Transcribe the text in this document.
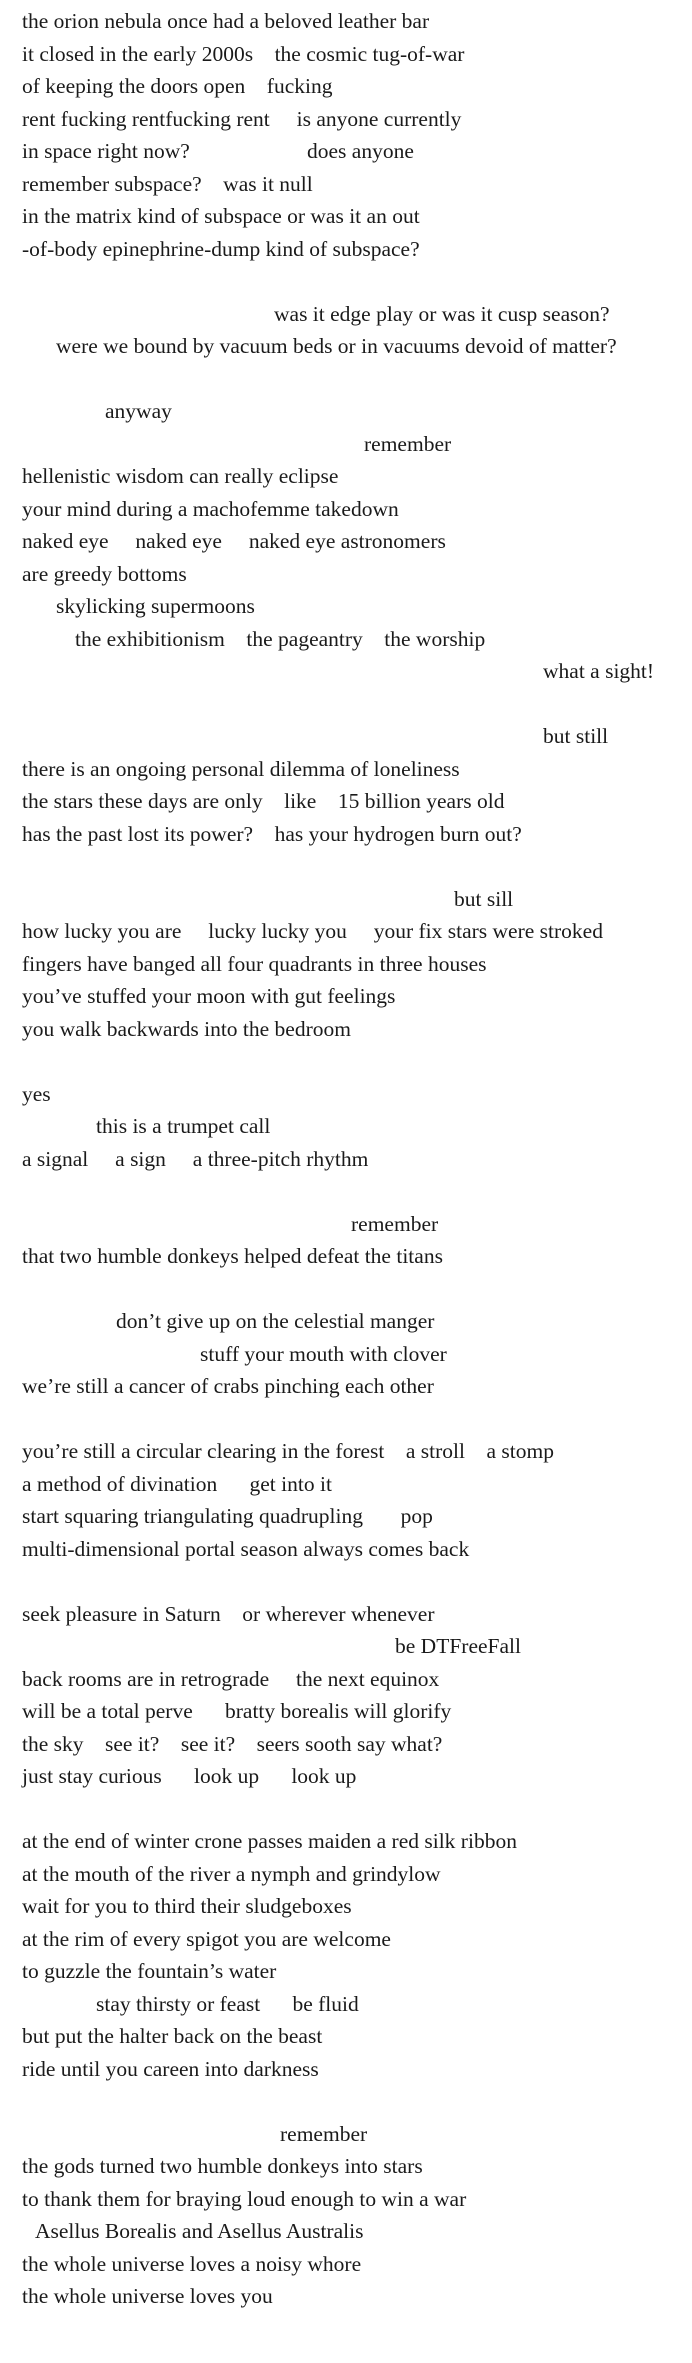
the orion nebula once had a beloved leather bar

it closed in the early 2000s    the cosmic tug-of-war

of keeping the doors open    fucking

rent fucking rentfucking rent     is anyone currently

in space right now?	does anyone

remember subspace?    was it null

in the matrix kind of subspace or was it an out

-of-body epinephrine-dump kind of subspace?

was it edge play or was it cusp season?

were we bound by vacuum beds or in vacuums devoid of matter?

anyway

remember

hellenistic wisdom can really eclipse

your mind during a machofemme takedown

naked eye     naked eye     naked eye astronomers

are greedy bottoms

skylicking supermoons

the exhibitionism    the pageantry    the worship

what a sight!

but still

there is an ongoing personal dilemma of loneliness

the stars these days are only    like    15 billion years old

has the past lost its power?    has your hydrogen burn out?

but sill

how lucky you are     lucky lucky you     your fix stars were stroked

fingers have banged all four quadrants in three houses

you’ve stuffed your moon with gut feelings

you walk backwards into the bedroom

yes

this is a trumpet call

a signal     a sign     a three-pitch rhythm

remember

that two humble donkeys helped defeat the titans

don’t give up on the celestial manger

stuff your mouth with clover

we’re still a cancer of crabs pinching each other

you’re still a circular clearing in the forest    a stroll    a stomp

a method of divination      get into it

start squaring triangulating quadrupling       pop

multi-dimensional portal season always comes back

seek pleasure in Saturn    or wherever whenever

be DTFreeFall

back rooms are in retrograde     the next equinox

will be a total perve      bratty borealis will glorify

the sky    see it?    see it?    seers sooth say what?

just stay curious      look up      look up

at the end of winter crone passes maiden a red silk ribbon

at the mouth of the river a nymph and grindylow

wait for you to third their sludgeboxes

at the rim of every spigot you are welcome

to guzzle the fountain’s water

stay thirsty or feast      be fluid

but put the halter back on the beast

ride until you careen into darkness

remember

the gods turned two humble donkeys into stars

to thank them for braying loud enough to win a war

Asellus Borealis and Asellus Australis

the whole universe loves a noisy whore

the whole universe loves you
